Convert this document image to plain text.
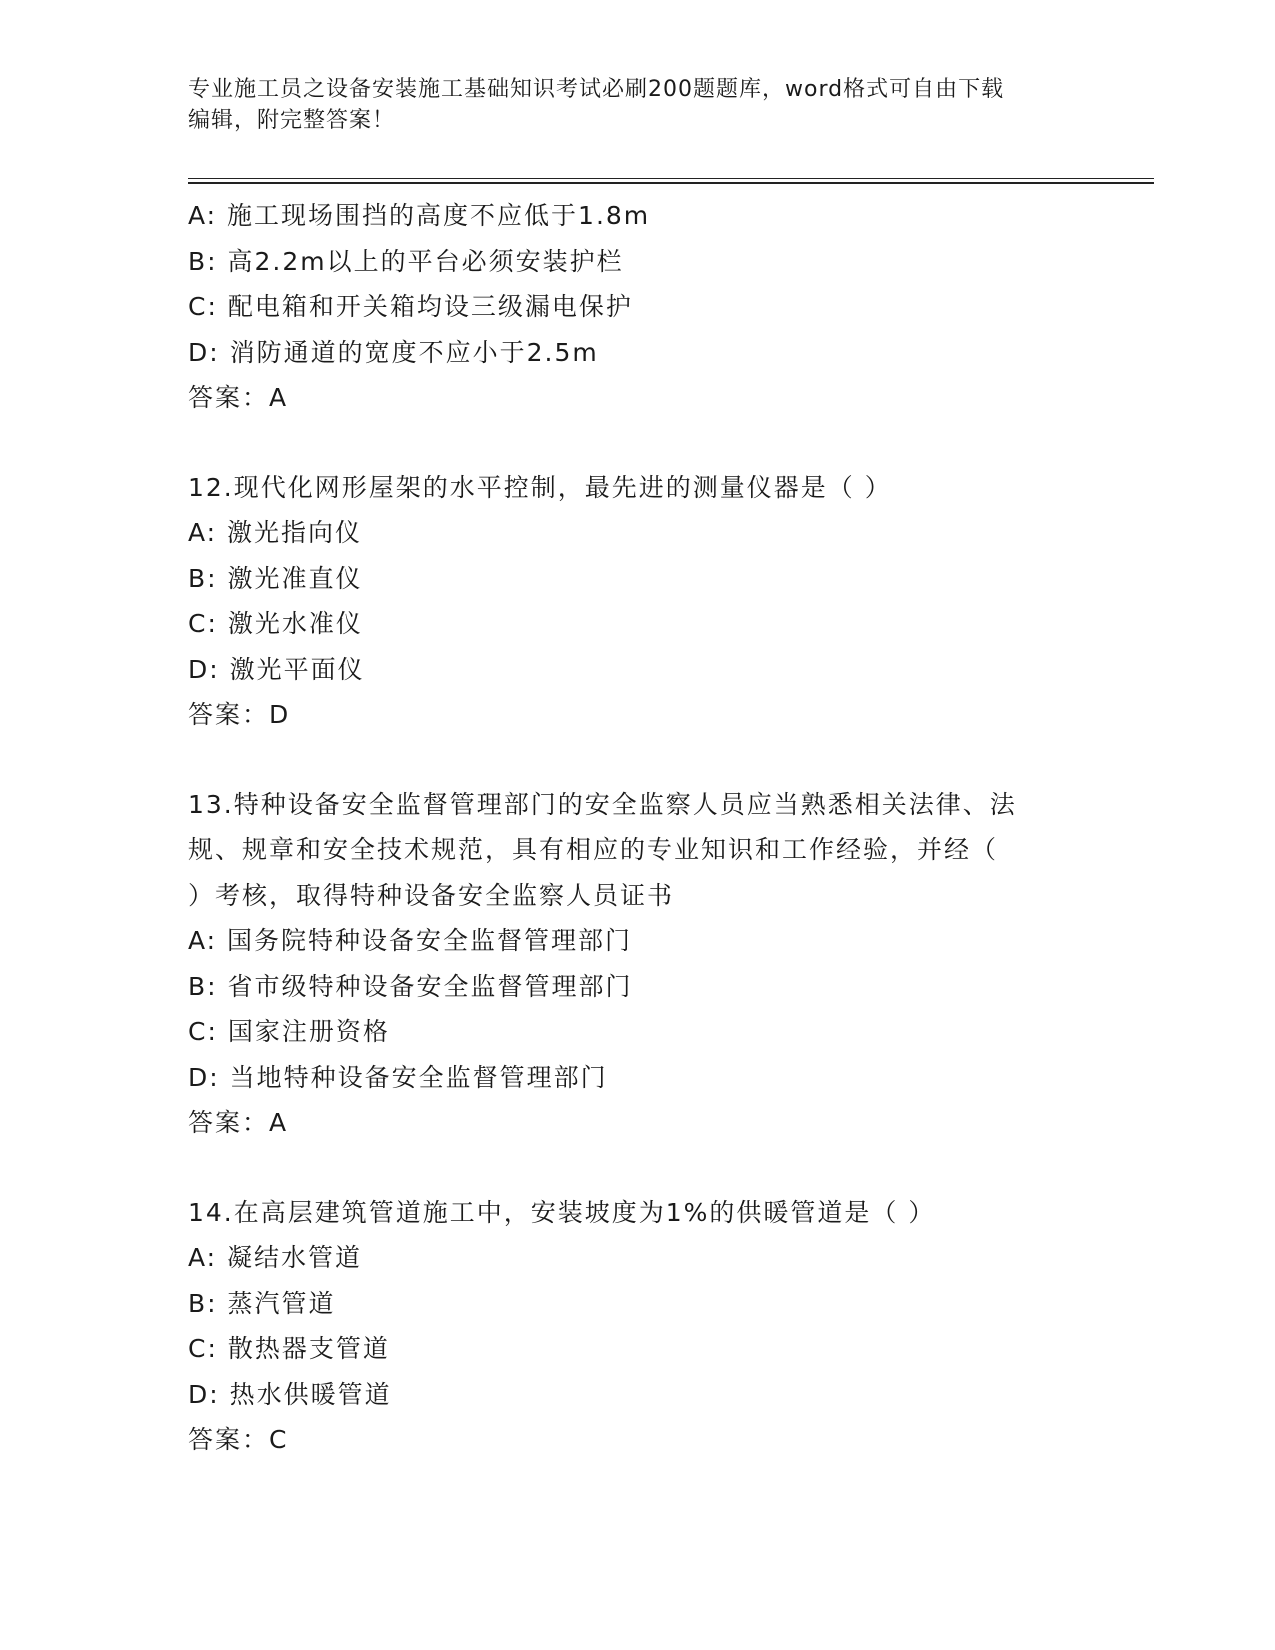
专业施工员之设备安装施工基础知识考试必刷200题题库，word格式可自由下载
编辑，附完整答案！
A: 施工现场围挡的高度不应低于1.8m
B: 高2.2m以上的平台必须安装护栏
C: 配电箱和开关箱均设三级漏电保护
D: 消防通道的宽度不应小于2.5m
答案：A
12.现代化网形屋架的水平控制，最先进的测量仪器是（ ）
A: 激光指向仪
B: 激光准直仪
C: 激光水准仪
D: 激光平面仪
答案：D
13.特种设备安全监督管理部门的安全监察人员应当熟悉相关法律、法
规、规章和安全技术规范，具有相应的专业知识和工作经验，并经（
）考核，取得特种设备安全监察人员证书
A: 国务院特种设备安全监督管理部门
B: 省市级特种设备安全监督管理部门
C: 国家注册资格
D: 当地特种设备安全监督管理部门
答案：A
14.在高层建筑管道施工中，安装坡度为1%的供暖管道是（ ）
A: 凝结水管道
B: 蒸汽管道
C: 散热器支管道
D: 热水供暖管道
答案：C
